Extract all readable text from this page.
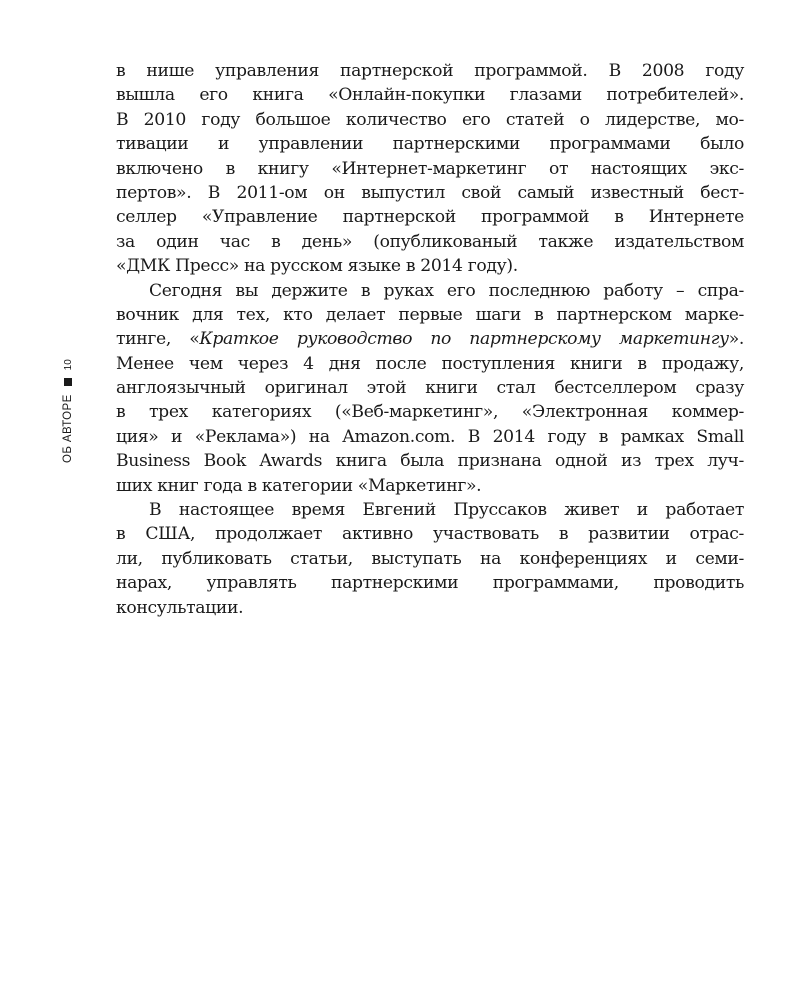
ОБ АВТОРЕ
10
в нише управления партнерской программой. В 2008 году
вышла его книга «Онлайн-покупки глазами потребителей».
В 2010 году большое количество его статей о лидерстве, мо-
тивации и управлении партнерскими программами было
включено в книгу «Интернет-маркетинг от настоящих экс-
пертов». В 2011-ом он выпустил свой самый известный бест-
селлер «Управление партнерской программой в Интернете
за один час в день» (опубликованый также издательством
«ДМК Пресс» на русском языке в 2014 году).
Сегодня вы держите в руках его последнюю работу – спра-
вочник для тех, кто делает первые шаги в партнерском марке-
тинге, «Краткое руководство по партнерскому маркетингу».
Менее чем через 4 дня после поступления книги в продажу,
англоязычный оригинал этой книги стал бестселлером сразу
в трех категориях («Веб-маркетинг», «Электронная коммер-
ция» и «Реклама») на Amazon.com. В 2014 году в рамках Small
Business Book Awards книга была признана одной из трех луч-
ших книг года в категории «Маркетинг».
В настоящее время Евгений Пруссаков живет и работает
в США, продолжает активно участвовать в развитии отрас-
ли, публиковать статьи, выступать на конференциях и семи-
нарах, управлять партнерскими программами, проводить
консультации.
